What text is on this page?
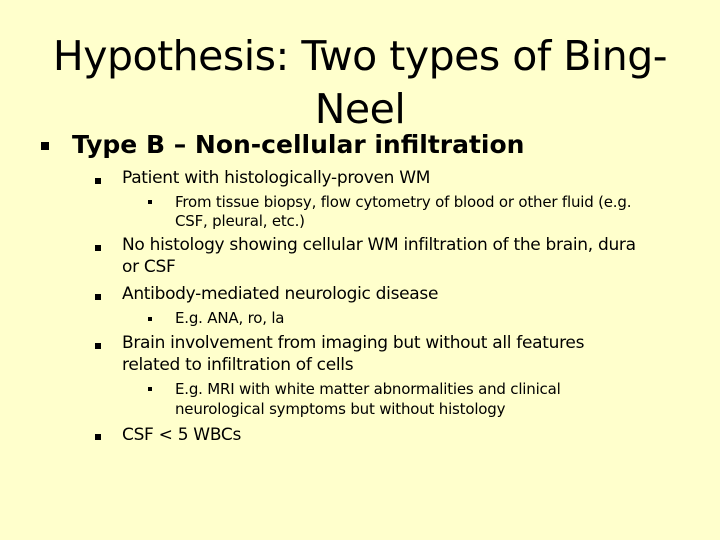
Hypothesis: Two types of Bing-
Neel
Type B – Non-cellular infiltration
Patient with histologically-proven WM
From tissue biopsy, flow cytometry of blood or other fluid (e.g.
CSF, pleural, etc.)
No histology showing cellular WM infiltration of the brain, dura
or CSF
Antibody-mediated neurologic disease
E.g. ANA, ro, la
Brain involvement from imaging but without all features
related to infiltration of cells
E.g. MRI with white matter abnormalities and clinical
neurological symptoms but without histology
CSF < 5 WBCs
